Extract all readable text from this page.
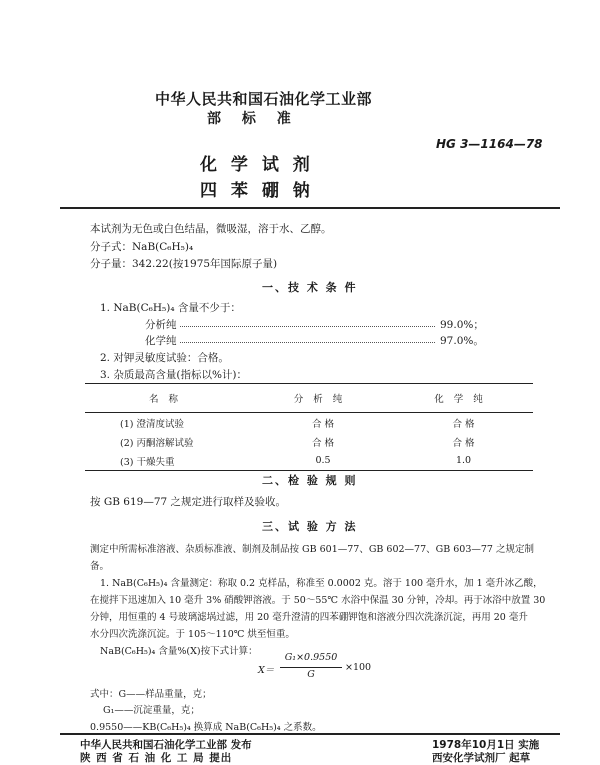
中华人民共和国石油化学工业部
部 标 准
HG 3—1164—78
化 学 试 剂
四 苯 硼 钠
本试剂为无色或白色结晶，微吸湿，溶于水、乙醇。
分子式：NaB(C₆H₅)₄
分子量：342.22(按1975年国际原子量)
一、技 术 条 件
1. NaB(C₆H₅)₄ 含量不少于：
分析纯	99.0%；
化学纯	97.0%。
2. 对钾灵敏度试验：合格。
3. 杂质最高含量(指标以%计)：
名称	分析纯	化学纯
(1) 澄清度试验	合 格	合 格
(2) 丙酮溶解试验	合 格	合 格
(3) 干燥失重	0.5	1.0
二、检 验 规 则
按 GB 619—77 之规定进行取样及验收。
三、试 验 方 法
测定中所需标准溶液、杂质标准液、制剂及制品按 GB 601—77、GB 602—77、GB 603—77 之规定制
备。
1. NaB(C₆H₅)₄ 含量测定：称取 0.2 克样品，称准至 0.0002 克。溶于 100 毫升水，加 1 毫升冰乙酸，
在搅拌下迅速加入 10 毫升 3% 硝酸钾溶液。于 50～55℃ 水浴中保温 30 分钟，冷却。再于冰浴中放置 30
分钟，用恒重的 4 号玻璃滤埚过滤，用 20 毫升澄清的四苯硼钾饱和溶液分四次洗涤沉淀，再用 20 毫升
水分四次洗涤沉淀。于 105～110℃ 烘至恒重。
NaB(C₆H₅)₄ 含量%(X)按下式计算：
X＝
G₁×0.9550
G
×100
式中：G——样品重量，克；
G₁——沉淀重量，克；
0.9550——KB(C₆H₅)₄ 换算成 NaB(C₆H₅)₄ 之系数。
中华人民共和国石油化学工业部 发布
陕 西 省 石 油 化 工 局 提出
1978年10月1日 实施
西安化学试剂厂 起草
